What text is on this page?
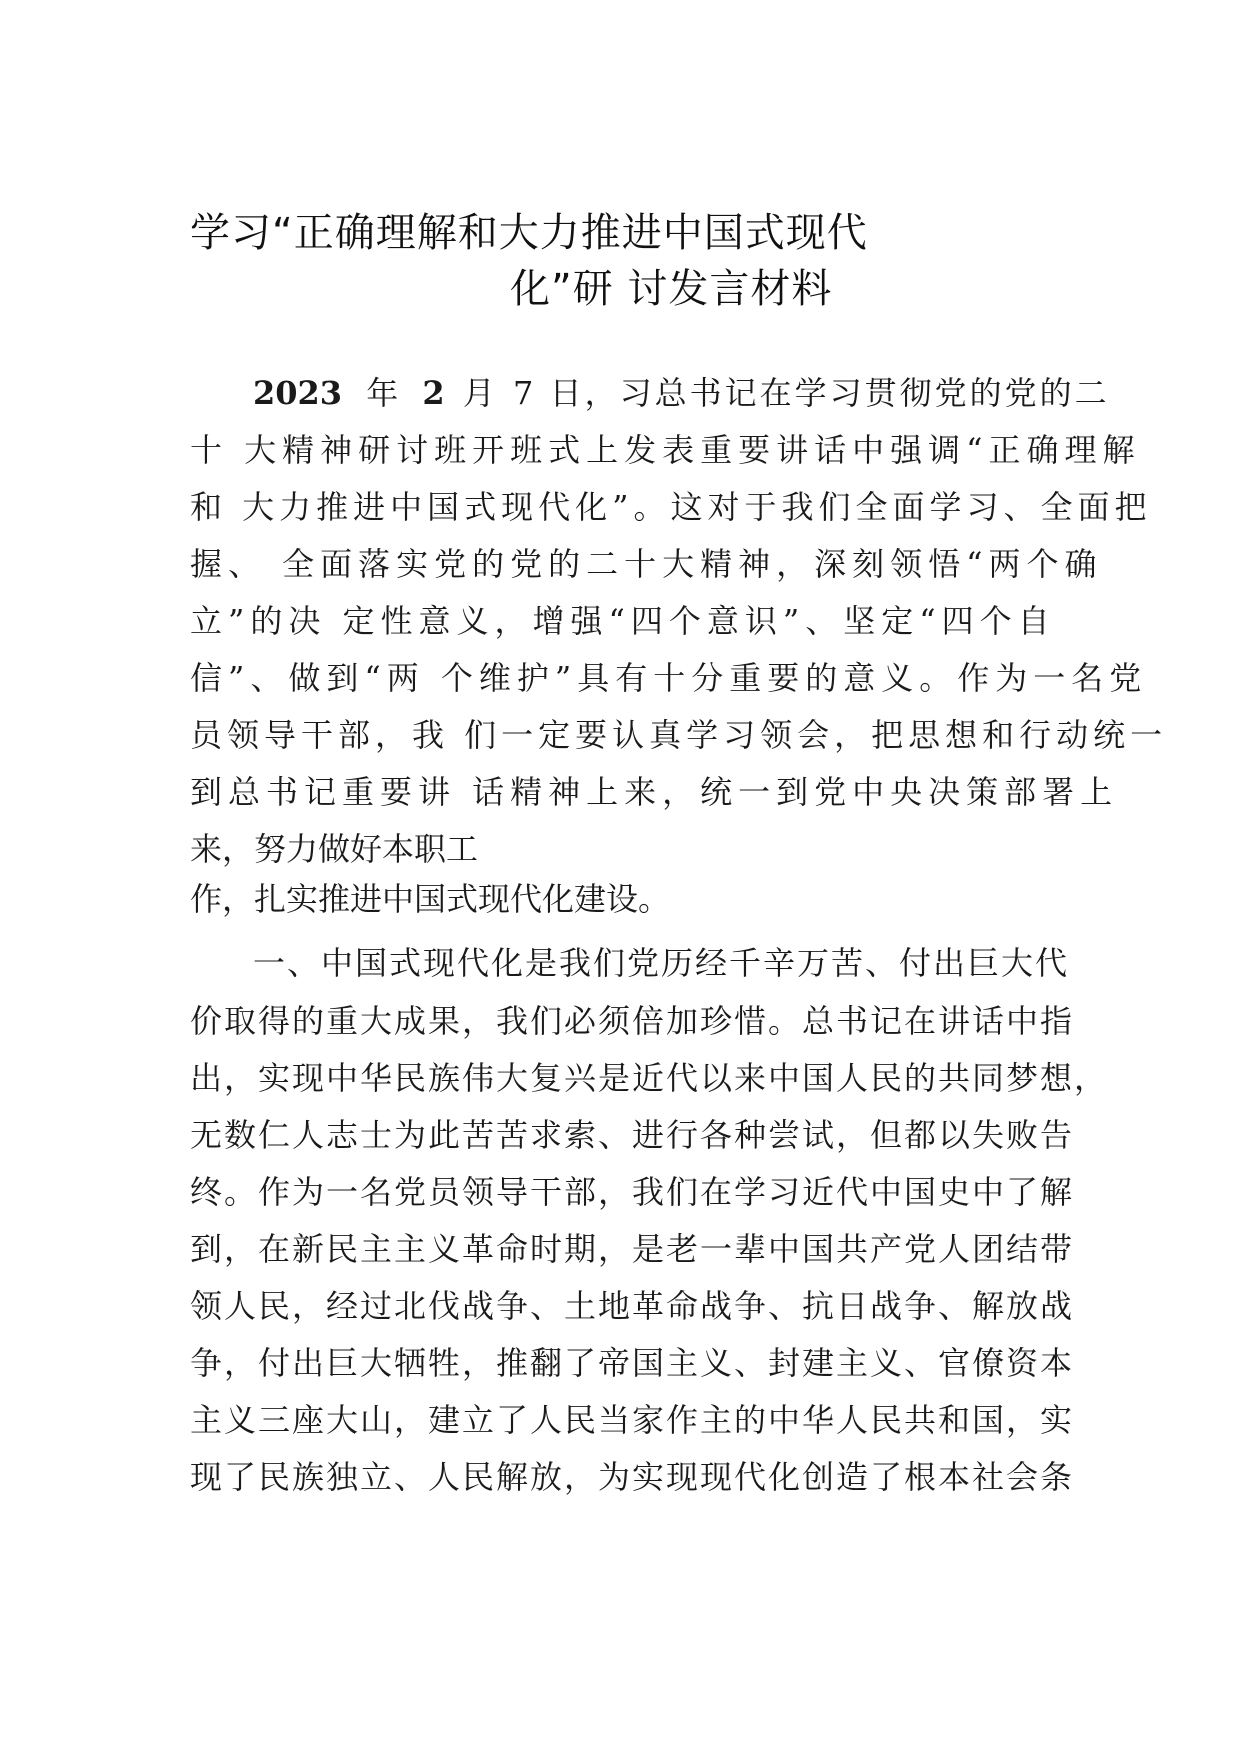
学习“正确理解和大力推进中国式现代
化”研 讨发言材料
2023 年 2 月 7 日，习总书记在学习贯彻党的党的二
十 大精神研讨班开班式上发表重要讲话中强调“正确理解
和 大力推进中国式现代化”。这对于我们全面学习、全面把
握、 全面落实党的党的二十大精神，深刻领悟“两个确
立”的决 定性意义，增强“四个意识”、坚定“四个自
信”、做到“两 个维护”具有十分重要的意义。作为一名党
员领导干部，我 们一定要认真学习领会，把思想和行动统一
到总书记重要讲 话精神上来，统一到党中央决策部署上
来，努力做好本职工
作，扎实推进中国式现代化建设。
一、中国式现代化是我们党历经千辛万苦、付出巨大代
价取得的重大成果，我们必须倍加珍惜。总书记在讲话中指
出，实现中华民族伟大复兴是近代以来中国人民的共同梦想，
无数仁人志士为此苦苦求索、进行各种尝试，但都以失败告
终。作为一名党员领导干部，我们在学习近代中国史中了解
到，在新民主主义革命时期，是老一辈中国共产党人团结带
领人民，经过北伐战争、土地革命战争、抗日战争、解放战
争，付出巨大牺牲，推翻了帝国主义、封建主义、官僚资本
主义三座大山，建立了人民当家作主的中华人民共和国，实
现了民族独立、人民解放，为实现现代化创造了根本社会条
